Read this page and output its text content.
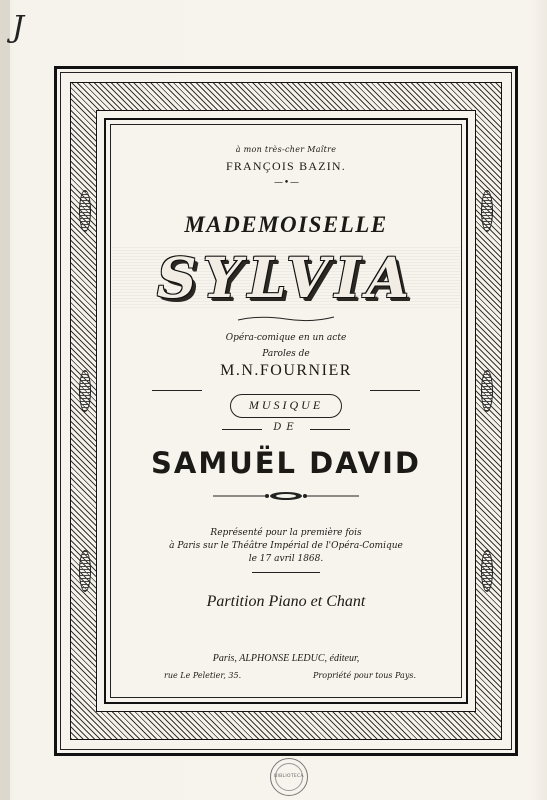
J
à mon très-cher Maître
FRANÇOIS BAZIN.
— • —
MADEMOISELLE
SYLVIA
Opéra-comique en un acte
Paroles de
M.N.FOURNIER
MUSIQUE
DE
SAMUËL DAVID
Représenté pour la première fois
à Paris sur le Théâtre Impérial de l'Opéra-Comique
le 17 avril 1868.
Partition Piano et Chant
Paris, ALPHONSE LEDUC, éditeur,
rue Le Peletier, 35.	Propriété pour tous Pays.
BIBLIOTECA
